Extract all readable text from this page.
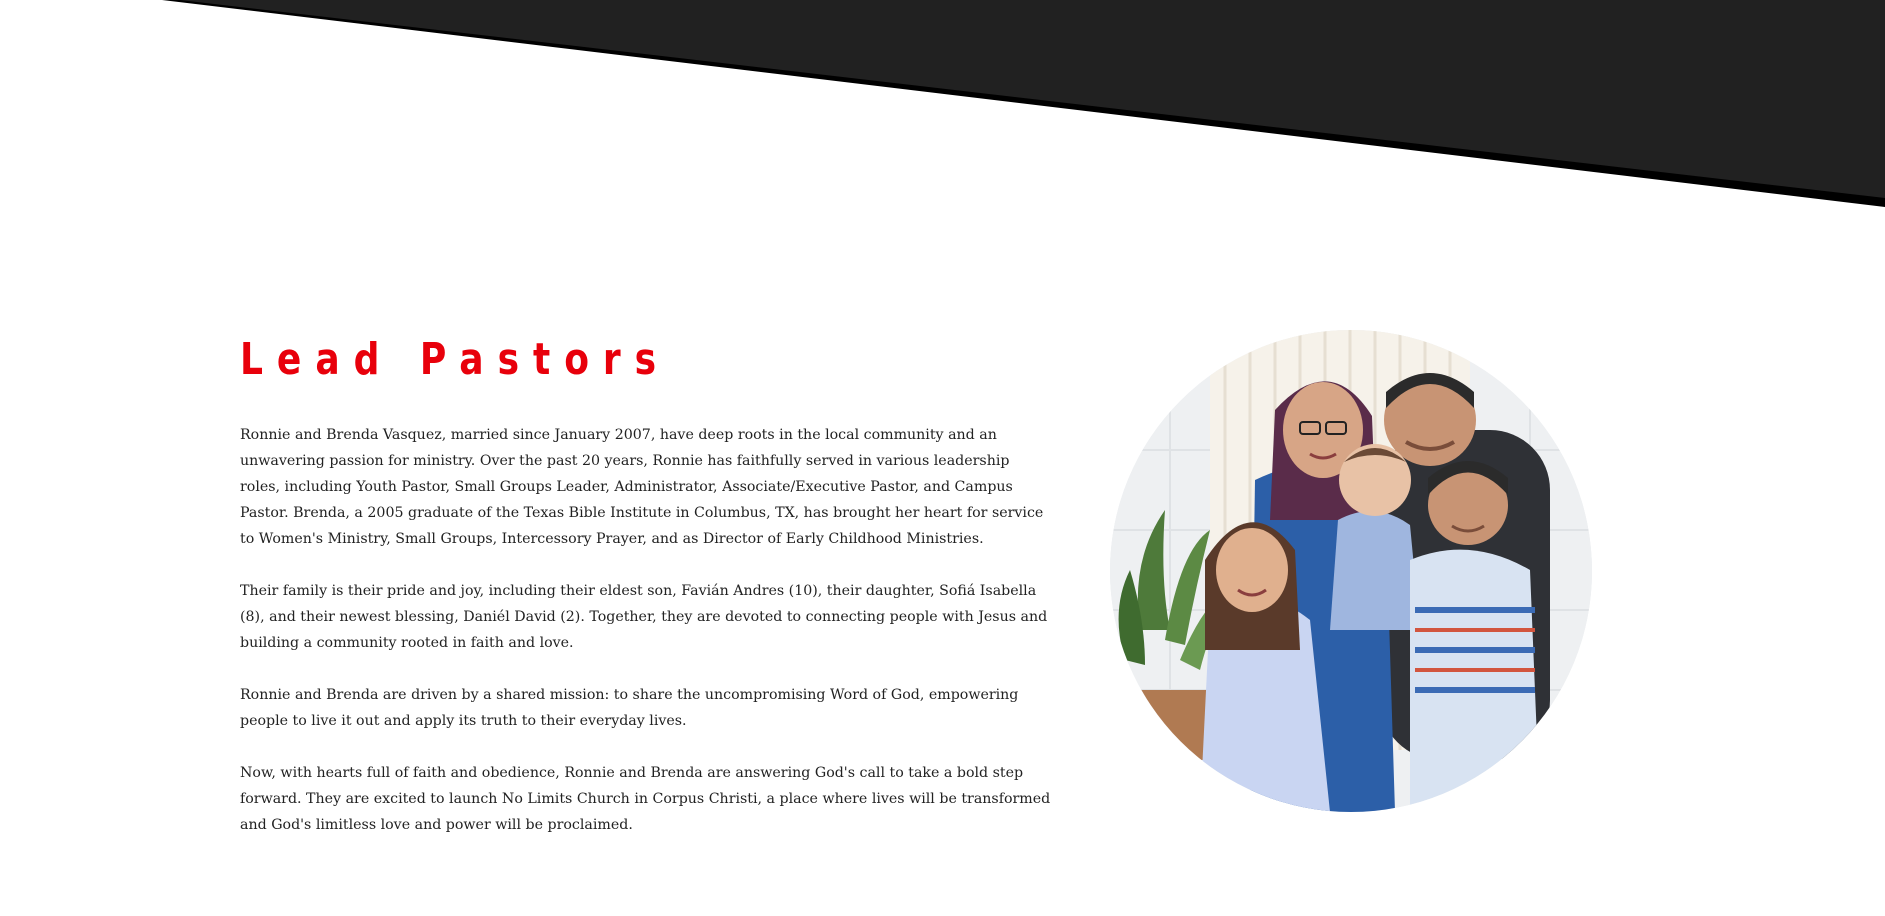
Lead Pastors

Ronnie and Brenda Vasquez, married since January 2007, have deep roots in the local community and an unwavering passion for ministry. Over the past 20 years, Ronnie has faithfully served in various leadership roles, including Youth Pastor, Small Groups Leader, Administrator, Associate/Executive Pastor, and Campus Pastor. Brenda, a 2005 graduate of the Texas Bible Institute in Columbus, TX, has brought her heart for service to Women's Ministry, Small Groups, Intercessory Prayer, and as Director of Early Childhood Ministries.

Their family is their pride and joy, including their eldest son, Favián Andres (10), their daughter, Sofiá Isabella (8), and their newest blessing, Daniél David (2). Together, they are devoted to connecting people with Jesus and building a community rooted in faith and love.

Ronnie and Brenda are driven by a shared mission: to share the uncompromising Word of God, empowering people to live it out and apply its truth to their everyday lives.

Now, with hearts full of faith and obedience, Ronnie and Brenda are answering God's call to take a bold step forward. They are excited to launch No Limits Church in Corpus Christi, a place where lives will be transformed and God's limitless love and power will be proclaimed.
